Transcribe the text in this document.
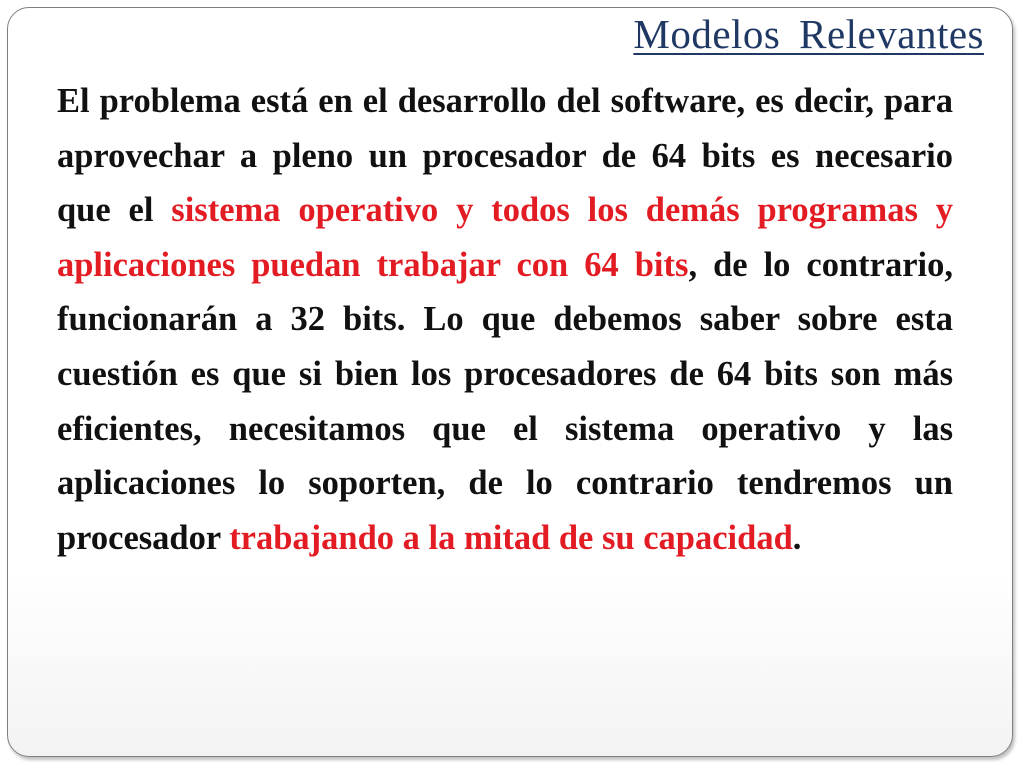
Modelos Relevantes

El problema está en el desarrollo del software, es decir, para aprovechar a pleno un procesador de 64 bits es necesario que el sistema operativo y todos los demás programas y aplicaciones puedan trabajar con 64 bits, de lo contrario, funcionarán a 32 bits. Lo que debemos saber sobre esta cuestión es que si bien los procesadores de 64 bits son más eficientes, necesitamos que el sistema operativo y las aplicaciones lo soporten, de lo contrario tendremos un procesador trabajando a la mitad de su capacidad.
